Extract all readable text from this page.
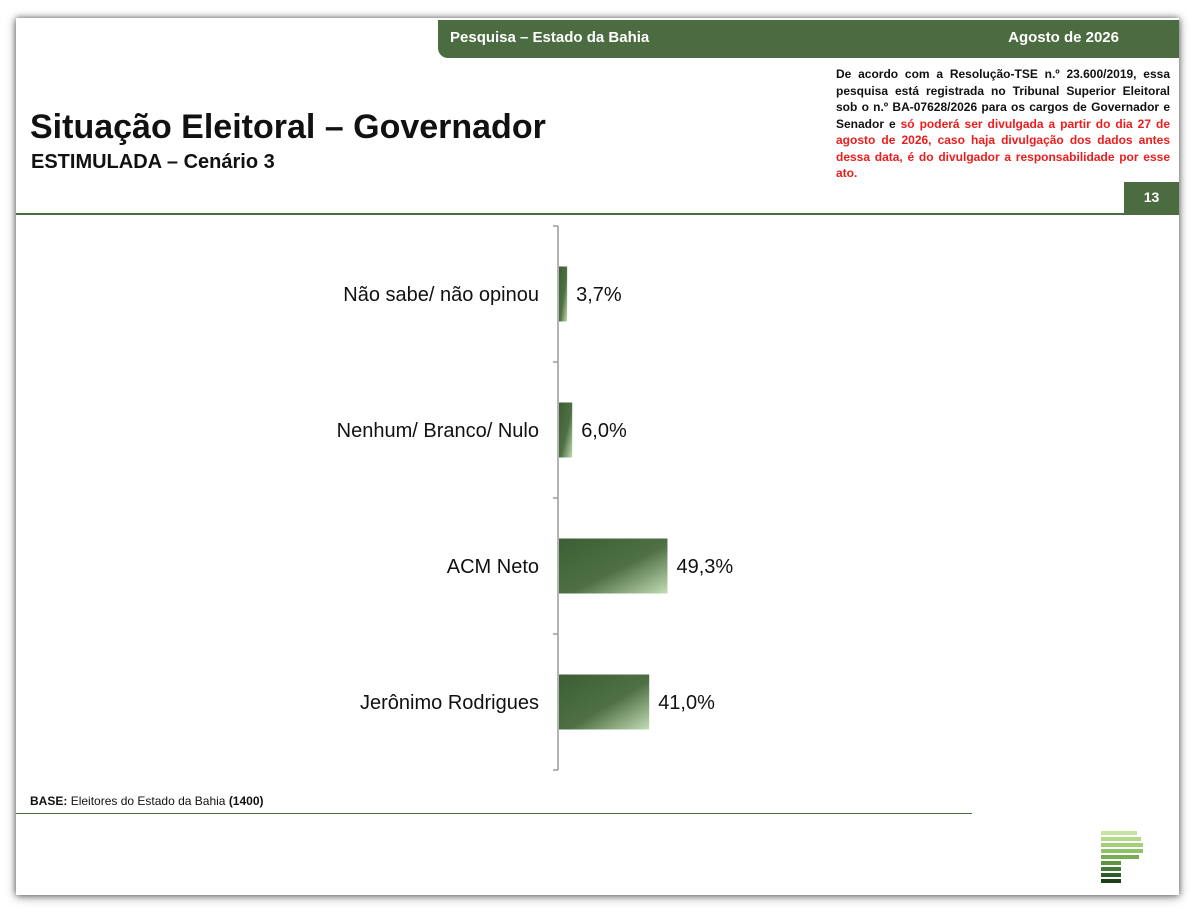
Pesquisa – Estado da Bahia	Agosto de 2026
Situação Eleitoral – Governador
ESTIMULADA – Cenário 3
De acordo com a Resolução-TSE n.º 23.600/2019, essa pesquisa está registrada no Tribunal Superior Eleitoral sob o n.º BA-07628/2026 para os cargos de Governador e Senador e só poderá ser divulgada a partir do dia 27 de agosto de 2026, caso haja divulgação dos dados antes dessa data, é do divulgador a responsabilidade por esse ato.
13
Não sabe/ não opinou 3,7%
Nenhum/ Branco/ Nulo 6,0%
ACM Neto	49,3%
Jerônimo Rodrigues	41,0%
BASE: Eleitores do Estado da Bahia (1400)
